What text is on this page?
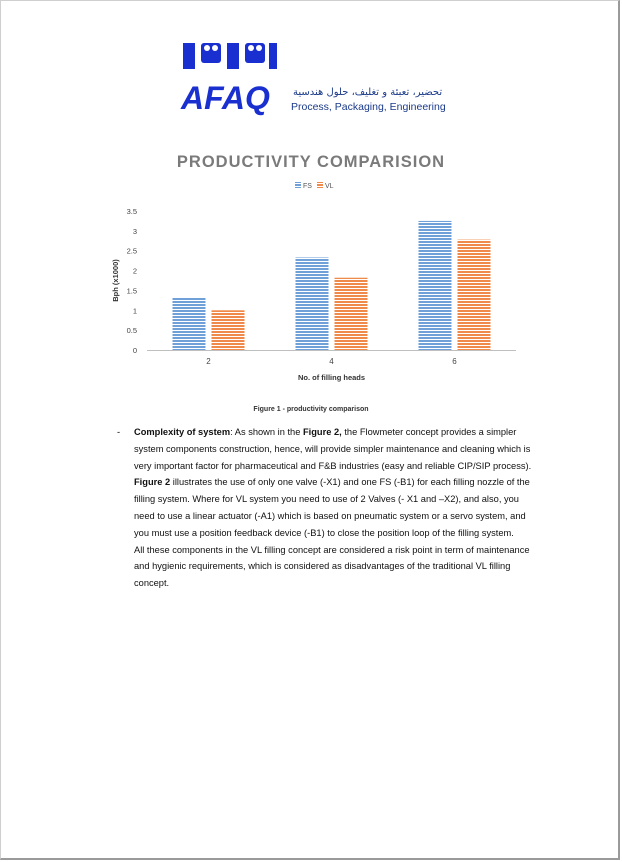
AFAQ تحضير، تعبئة و تغليف، حلول هندسية
Process, Packaging, Engineering
PRODUCTIVITY COMPARISION
FS VL
0
0.5
1
1.5
2
2.5
3
3.5
2	4	6
No. of filling heads
Bph (x1000)
Figure 1 - productivity comparison
- Complexity of system: As shown in the Figure 2, the Flowmeter concept provides a simpler system components construction, hence, will provide simpler maintenance and cleaning which is very important factor for pharmaceutical and F&B industries (easy and reliable CIP/SIP process).

Figure 2 illustrates the use of only one valve (-X1) and one FS (-B1) for each filling nozzle of the filling system. Where for VL system you need to use of 2 Valves (- X1 and –X2), and also, you need to use a linear actuator (-A1) which is based on pneumatic system or a servo system, and you must use a position feedback device (-B1) to close the position loop of the filling system.

All these components in the VL filling concept are considered a risk point in term of maintenance and hygienic requirements, which is considered as disadvantages of the traditional VL filling concept.
